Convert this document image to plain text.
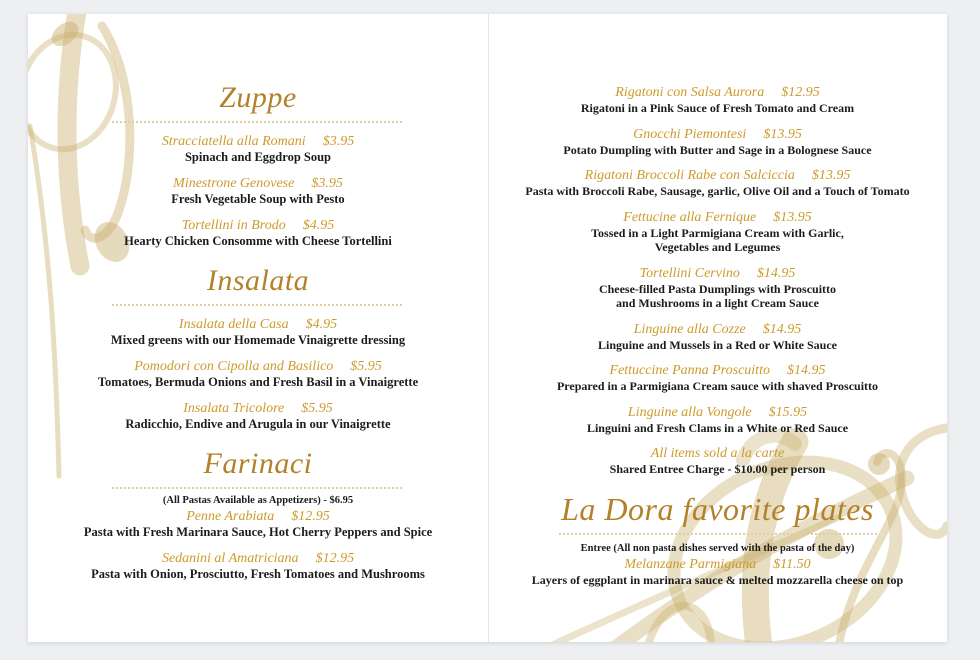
Zuppe
Stracciatella alla Romani $3.95
Spinach and Eggdrop Soup
Minestrone Genovese $3.95
Fresh Vegetable Soup with Pesto
Tortellini in Brodo $4.95
Hearty Chicken Consomme with Cheese Tortellini
Insalata
Insalata della Casa $4.95
Mixed greens with our Homemade Vinaigrette dressing
Pomodori con Cipolla and Basilico $5.95
Tomatoes, Bermuda Onions and Fresh Basil in a Vinaigrette
Insalata Tricolore $5.95
Radicchio, Endive and Arugula in our Vinaigrette
Farinaci
(All Pastas Available as Appetizers) - $6.95
Penne Arabiata $12.95
Pasta with Fresh Marinara Sauce, Hot Cherry Peppers and Spice
Sedanini al Amatriciana $12.95
Pasta with Onion, Prosciutto, Fresh Tomatoes and Mushrooms
Rigatoni con Salsa Aurora $12.95
Rigatoni in a Pink Sauce of Fresh Tomato and Cream
Gnocchi Piemontesi $13.95
Potato Dumpling with Butter and Sage in a Bolognese Sauce
Rigatoni Broccoli Rabe con Salciccia $13.95
Pasta with Broccoli Rabe, Sausage, garlic, Olive Oil and a Touch of Tomato
Fettucine alla Fernique $13.95
Tossed in a Light Parmigiana Cream with Garlic,
Vegetables and Legumes
Tortellini Cervino $14.95
Cheese-filled Pasta Dumplings with Proscuitto
and Mushrooms in a light Cream Sauce
Linguine alla Cozze $14.95
Linguine and Mussels in a Red or White Sauce
Fettuccine Panna Proscuitto $14.95
Prepared in a Parmigiana Cream sauce with shaved Proscuitto
Linguine alla Vongole $15.95
Linguini and Fresh Clams in a White or Red Sauce
All items sold a la carte
Shared Entree Charge - $10.00 per person
La Dora favorite plates
Entree (All non pasta dishes served with the pasta of the day)
Melanzane Parmigiana $11.50
Layers of eggplant in marinara sauce & melted mozzarella cheese on top
